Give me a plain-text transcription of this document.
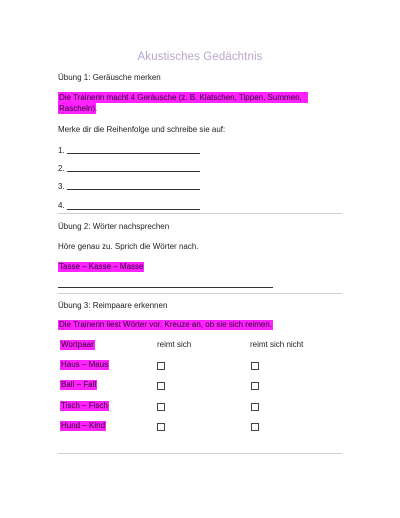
Akustisches Gedächtnis
Übung 1: Geräusche merken
Die Trainerin macht 4 Geräusche (z. B. Klatschen, Tippen, Summen,
Rascheln).
Merke dir die Reihenfolge und schreibe sie auf:
1.
2.
3.
4.
Übung 2: Wörter nachsprechen
Höre genau zu. Sprich die Wörter nach.
Tasse – Kasse – Masse
Übung 3: Reimpaare erkennen
Die Trainerin liest Wörter vor. Kreuze an, ob sie sich reimen.
Wortpaar	reimt sich	reimt sich nicht
Haus – Maus
Ball – Fall
Tisch – Fisch
Hund – Kind
